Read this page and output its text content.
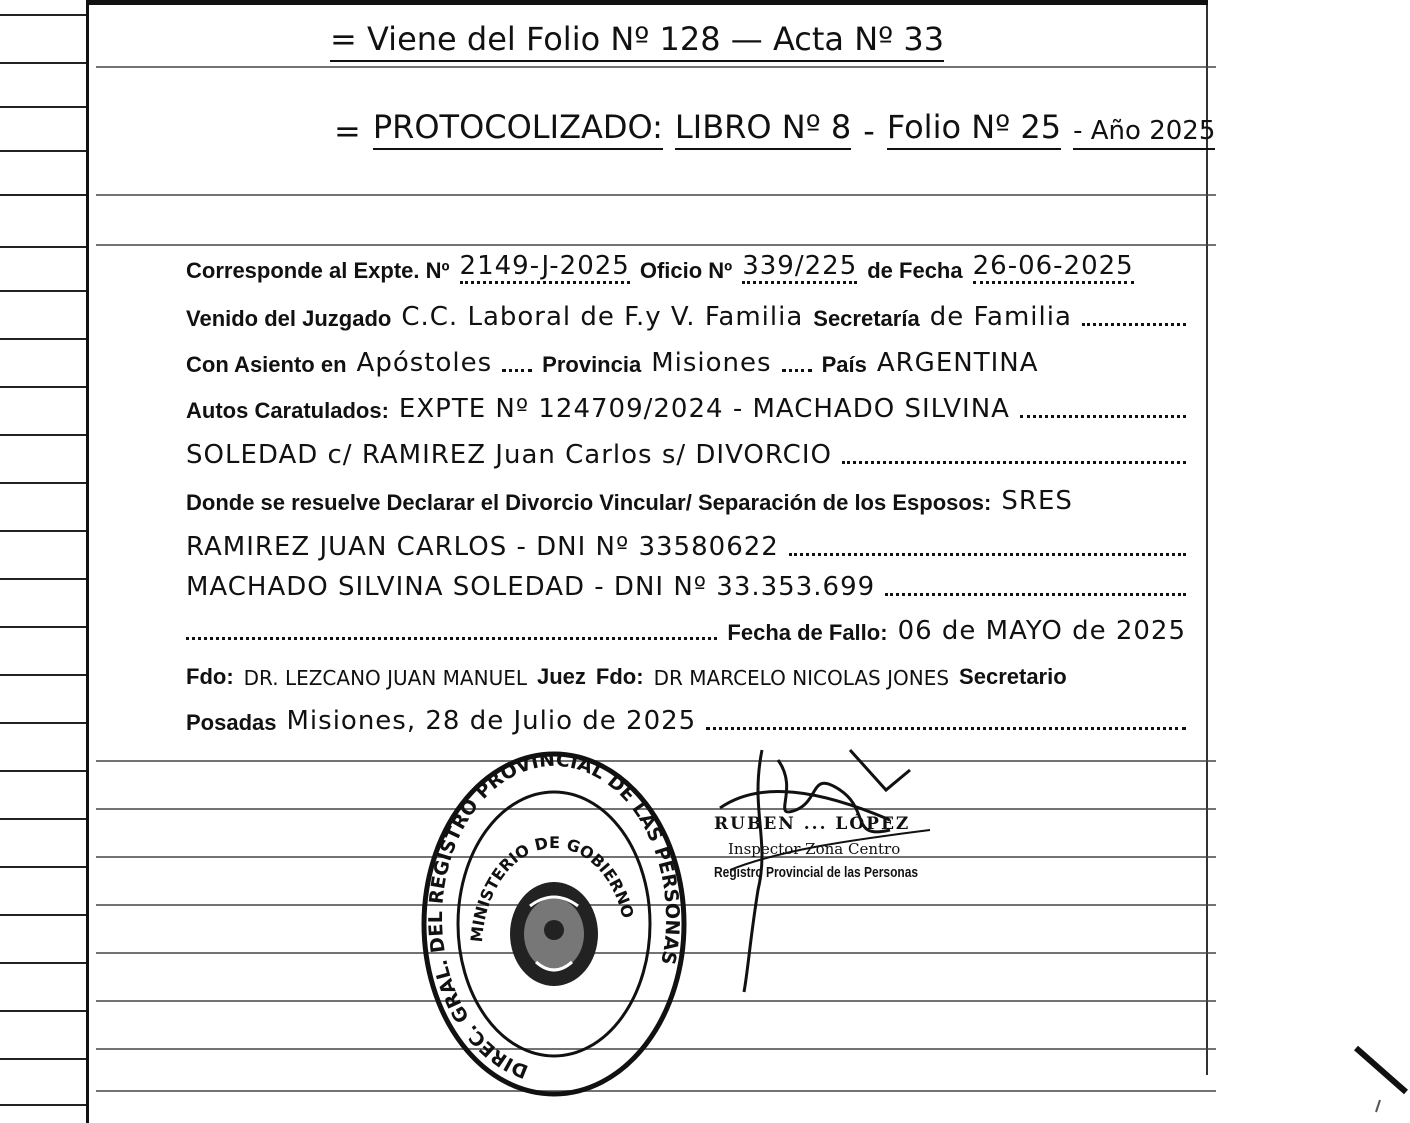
= Viene del Folio Nº 128 — Acta Nº 33
= PROTOCOLIZADO: LIBRO Nº 8 - Folio Nº 25 - Año 2025
Corresponde al Expte. Nº 2149-J-2025 Oficio Nº 339/225 de Fecha 26-06-2025
Venido del Juzgado C.C. Laboral de F.y V. Familia Secretaría de Familia
Con Asiento en Apóstoles Provincia Misiones País ARGENTINA
Autos Caratulados: EXPTE Nº 124709/2024 - MACHADO SILVINA
SOLEDAD c/ RAMIREZ Juan Carlos s/ DIVORCIO
Donde se resuelve Declarar el Divorcio Vincular/ Separación de los Esposos: SRES
RAMIREZ JUAN CARLOS - DNI Nº 33580622
MACHADO SILVINA SOLEDAD - DNI Nº 33.353.699
Fecha de Fallo: 06 de MAYO de 2025
Fdo: DR. LEZCANO JUAN MANUEL Juez Fdo: DR MARCELO NICOLAS JONES Secretario
Posadas Misiones, 28 de Julio de 2025
DIREC. GRAL. DEL REGISTRO PROVINCIAL DE LAS PERSONAS
MINISTERIO DE GOBIERNO
RUBEN ... LÓPEZ
Inspector Zona Centro
Registro Provincial de las Personas
